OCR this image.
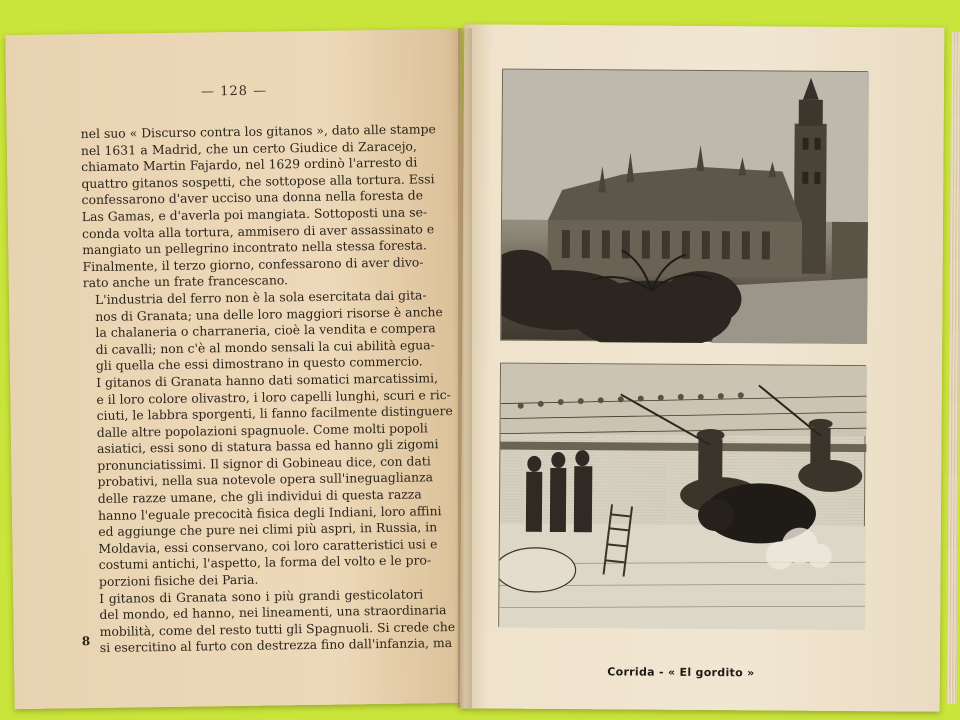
— 128 —

nel suo « Discurso contra los gitanos », dato alle stampe
nel 1631 a Madrid, che un certo Giudice di Zaracejo,
chiamato Martin Fajardo, nel 1629 ordinò l'arresto di
quattro gitanos sospetti, che sottopose alla tortura. Essi
confessarono d'aver ucciso una donna nella foresta de
Las Gamas, e d'averla poi mangiata. Sottoposti una se-
conda volta alla tortura, ammisero di aver assassinato e
mangiato un pellegrino incontrato nella stessa foresta.
Finalmente, il terzo giorno, confessarono di aver divo-
rato anche un frate francescano.

L'industria del ferro non è la sola esercitata dai gita-
nos di Granata; una delle loro maggiori risorse è anche
la chalaneria o charraneria, cioè la vendita e compera
di cavalli; non c'è al mondo sensali la cui abilità egua-
gli quella che essi dimostrano in questo commercio.

I gitanos di Granata hanno dati somatici marcatissimi,
e il loro colore olivastro, i loro capelli lunghi, scuri e ric-
ciuti, le labbra sporgenti, li fanno facilmente distinguere
dalle altre popolazioni spagnuole. Come molti popoli
asiatici, essi sono di statura bassa ed hanno gli zigomi
pronunciatissimi. Il signor di Gobineau dice, con dati
probativi, nella sua notevole opera sull'ineguaglianza
delle razze umane, che gli individui di questa razza
hanno l'eguale precocità fisica degli Indiani, loro affini
ed aggiunge che pure nei climi più aspri, in Russia, in
Moldavia, essi conservano, coi loro caratteristici usi e
costumi antichi, l'aspetto, la forma del volto e le pro-
porzioni fisiche dei Paria.

I gitanos di Granata sono i più grandi gesticolatori
del mondo, ed hanno, nei lineamenti, una straordinaria
mobilità, come del resto tutti gli Spagnuoli. Si crede che
si esercitino al furto con destrezza fino dall'infanzia, ma

8
Corrida - « El gordito »
